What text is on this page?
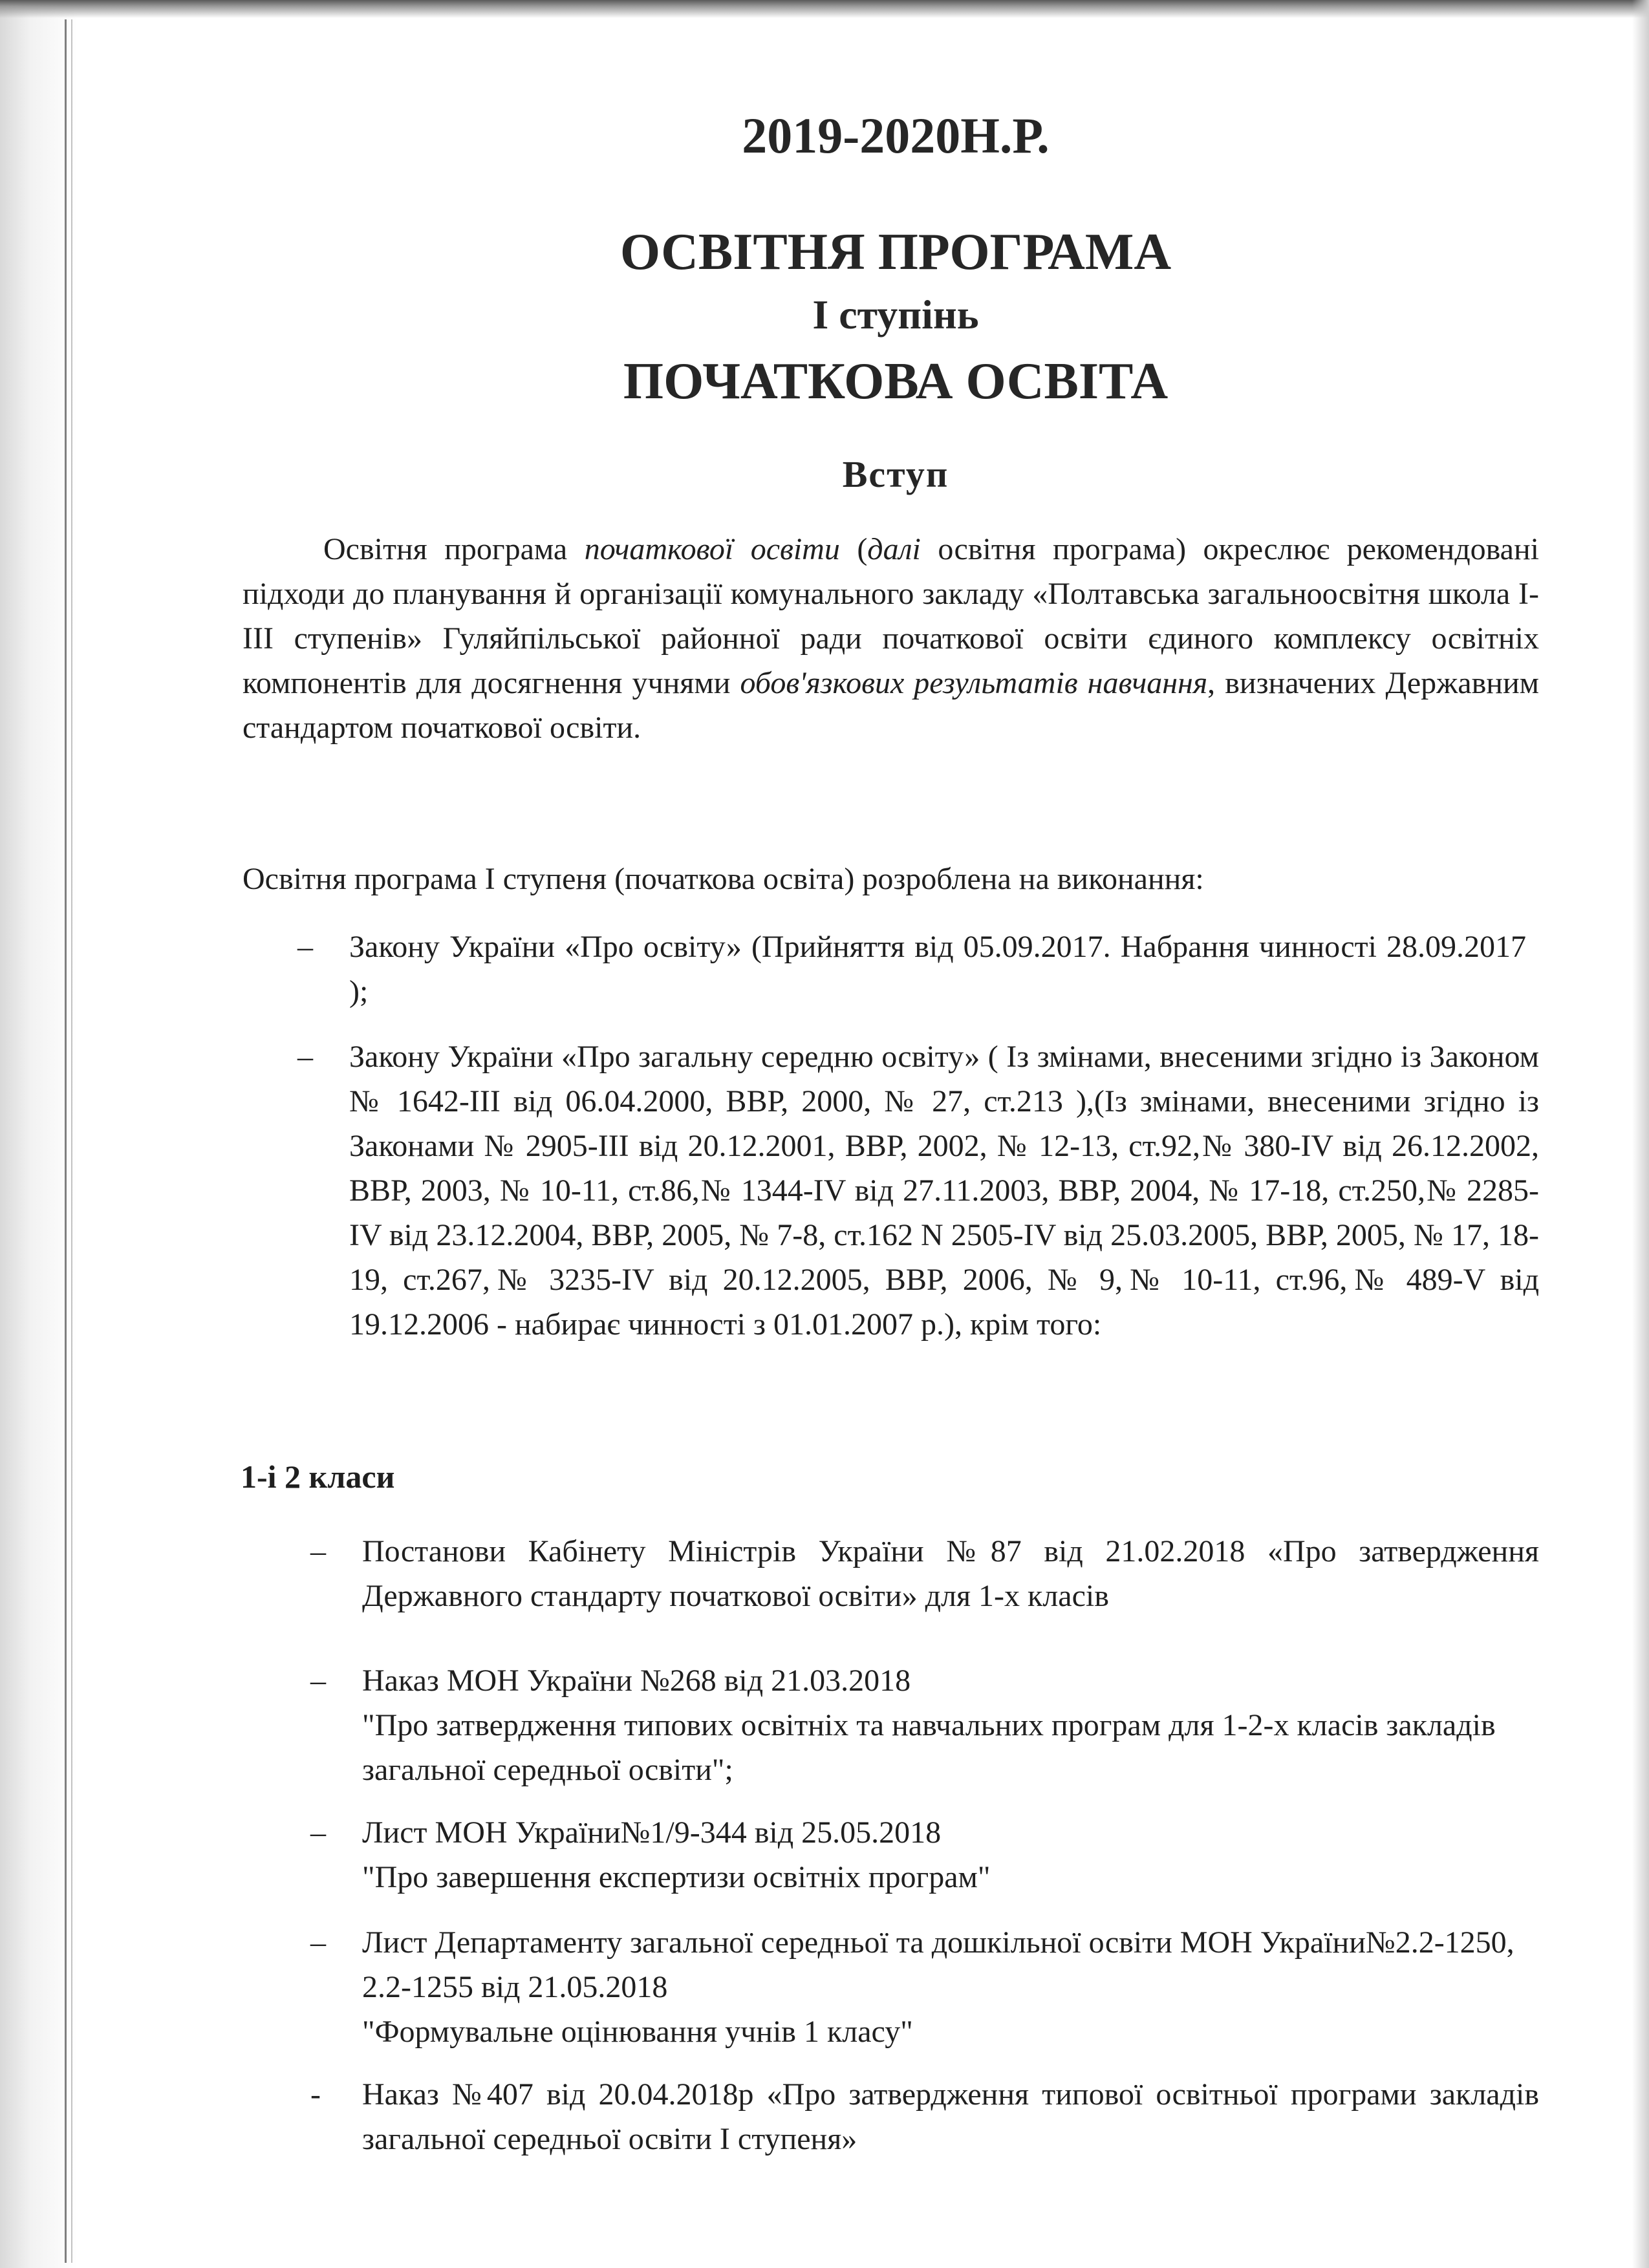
2019-2020Н.Р.
ОСВІТНЯ ПРОГРАМА
І ступінь
ПОЧАТКОВА ОСВІТА
Вступ
Освітня програма початкової освіти (далі освітня програма) окреслює рекомендовані підходи до планування й організації комунального закладу «Полтавська загальноосвітня школа І-ІІІ ступенів» Гуляйпільської районної ради початкової освіти єдиного комплексу освітніх компонентів для досягнення учнями обов'язкових результатів навчання, визначених Державним стандартом початкової освіти.
Освітня програма І ступеня (початкова освіта) розроблена на виконання:
– Закону України «Про освіту» (Прийняття від 05.09.2017. Набрання чинності 28.09.2017 );
– Закону України «Про загальну середню освіту» ( Із змінами, внесеними згідно із Законом № 1642-III від 06.04.2000, ВВР, 2000, № 27, ст.213 ),(Із змінами, внесеними згідно із Законами № 2905-III від 20.12.2001, ВВР, 2002, № 12-13, ст.92,№ 380-IV від 26.12.2002, ВВР, 2003, № 10-11, ст.86,№ 1344-IV від 27.11.2003, ВВР, 2004, № 17-18, ст.250,№ 2285-IV від 23.12.2004, ВВР, 2005, № 7-8, ст.162 N 2505-IV від 25.03.2005, ВВР, 2005, № 17, 18-19, ст.267,№ 3235-IV від 20.12.2005, ВВР, 2006, № 9,№ 10-11, ст.96,№ 489-V від 19.12.2006 - набирає чинності з 01.01.2007 р.), крім того:
1-і 2 класи
– Постанови Кабінету Міністрів України №87 від 21.02.2018 «Про затвердження Державного стандарту початкової освіти» для 1-х класів
– Наказ МОН України №268 від 21.03.2018
"Про затвердження типових освітніх та навчальних програм для 1-2-х класів закладів загальної середньої освіти";
– Лист МОН України№1/9-344 від 25.05.2018
"Про завершення експертизи освітніх програм"
– Лист Департаменту загальної середньої та дошкільної освіти МОН України№2.2-1250, 2.2-1255 від 21.05.2018
"Формувальне оцінювання учнів 1 класу"
- Наказ №407 від 20.04.2018р «Про затвердження типової освітньої програми закладів загальної середньої освіти І ступеня»
